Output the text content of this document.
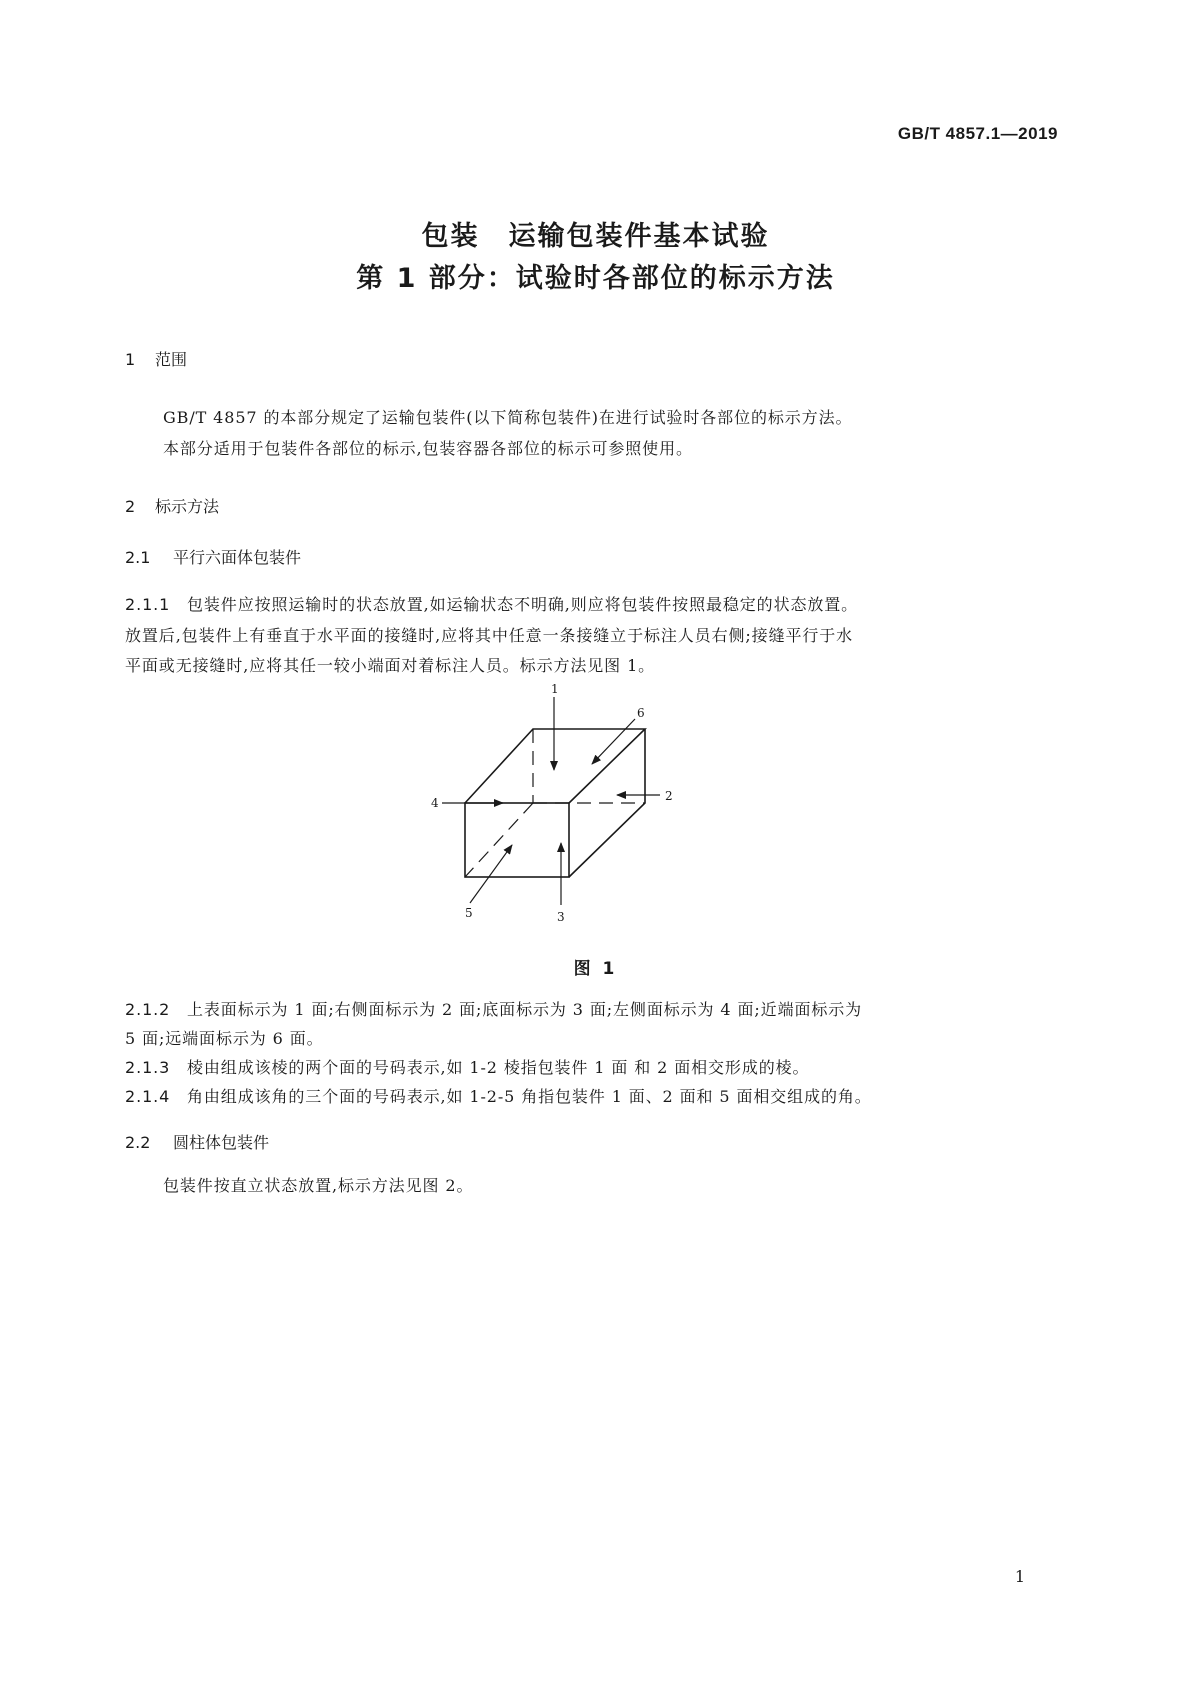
GB/T 4857.1—2019
包装　运输包装件基本试验
第 1 部分：试验时各部位的标示方法
1 范围
GB/T 4857 的本部分规定了运输包装件(以下简称包装件)在进行试验时各部位的标示方法。
本部分适用于包装件各部位的标示,包装容器各部位的标示可参照使用。
2 标示方法
2.1 平行六面体包装件
2.1.1 包装件应按照运输时的状态放置,如运输状态不明确,则应将包装件按照最稳定的状态放置。
放置后,包装件上有垂直于水平面的接缝时,应将其中任意一条接缝立于标注人员右侧;接缝平行于水
平面或无接缝时,应将其任一较小端面对着标注人员。标示方法见图 1。
1
2
3
4
5
6
图 1
2.1.2 上表面标示为 1 面;右侧面标示为 2 面;底面标示为 3 面;左侧面标示为 4 面;近端面标示为
5 面;远端面标示为 6 面。
2.1.3 棱由组成该棱的两个面的号码表示,如 1-2 棱指包装件 1 面 和 2 面相交形成的棱。
2.1.4 角由组成该角的三个面的号码表示,如 1-2-5 角指包装件 1 面、2 面和 5 面相交组成的角。
2.2 圆柱体包装件
包装件按直立状态放置,标示方法见图 2。
1
